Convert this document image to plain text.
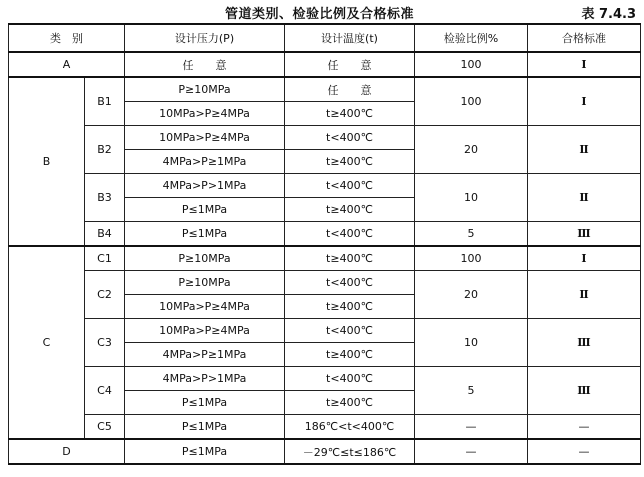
管道类别、检验比例及合格标准	表 7.4.3
类　别		设计压力(P)	设计温度(t)	检验比例%	合格标准
A		任　　意	任　　意	100	Ⅰ
B	B1	P≥10MPa	任　　意	100	Ⅰ
		10MPa>P≥4MPa	t≥400℃		
	B2	10MPa>P≥4MPa	t<400℃	20	Ⅱ
		4MPa>P≥1MPa	t≥400℃		
	B3	4MPa>P>1MPa	t<400℃	10	Ⅱ
		P≤1MPa	t≥400℃		
	B4	P≤1MPa	t<400℃	5	Ⅲ
C	C1	P≥10MPa	t≥400℃	100	Ⅰ
	C2	P≥10MPa	t<400℃	20	Ⅱ
		10MPa>P≥4MPa	t≥400℃		
	C3	10MPa>P≥4MPa	t<400℃	10	Ⅲ
		4MPa>P≥1MPa	t≥400℃		
	C4	4MPa>P>1MPa	t<400℃	5	Ⅲ
		P≤1MPa	t≥400℃		
	C5	P≤1MPa	186℃<t<400℃	—	—
D		P≤1MPa	－29℃≤t≤186℃	—	—
